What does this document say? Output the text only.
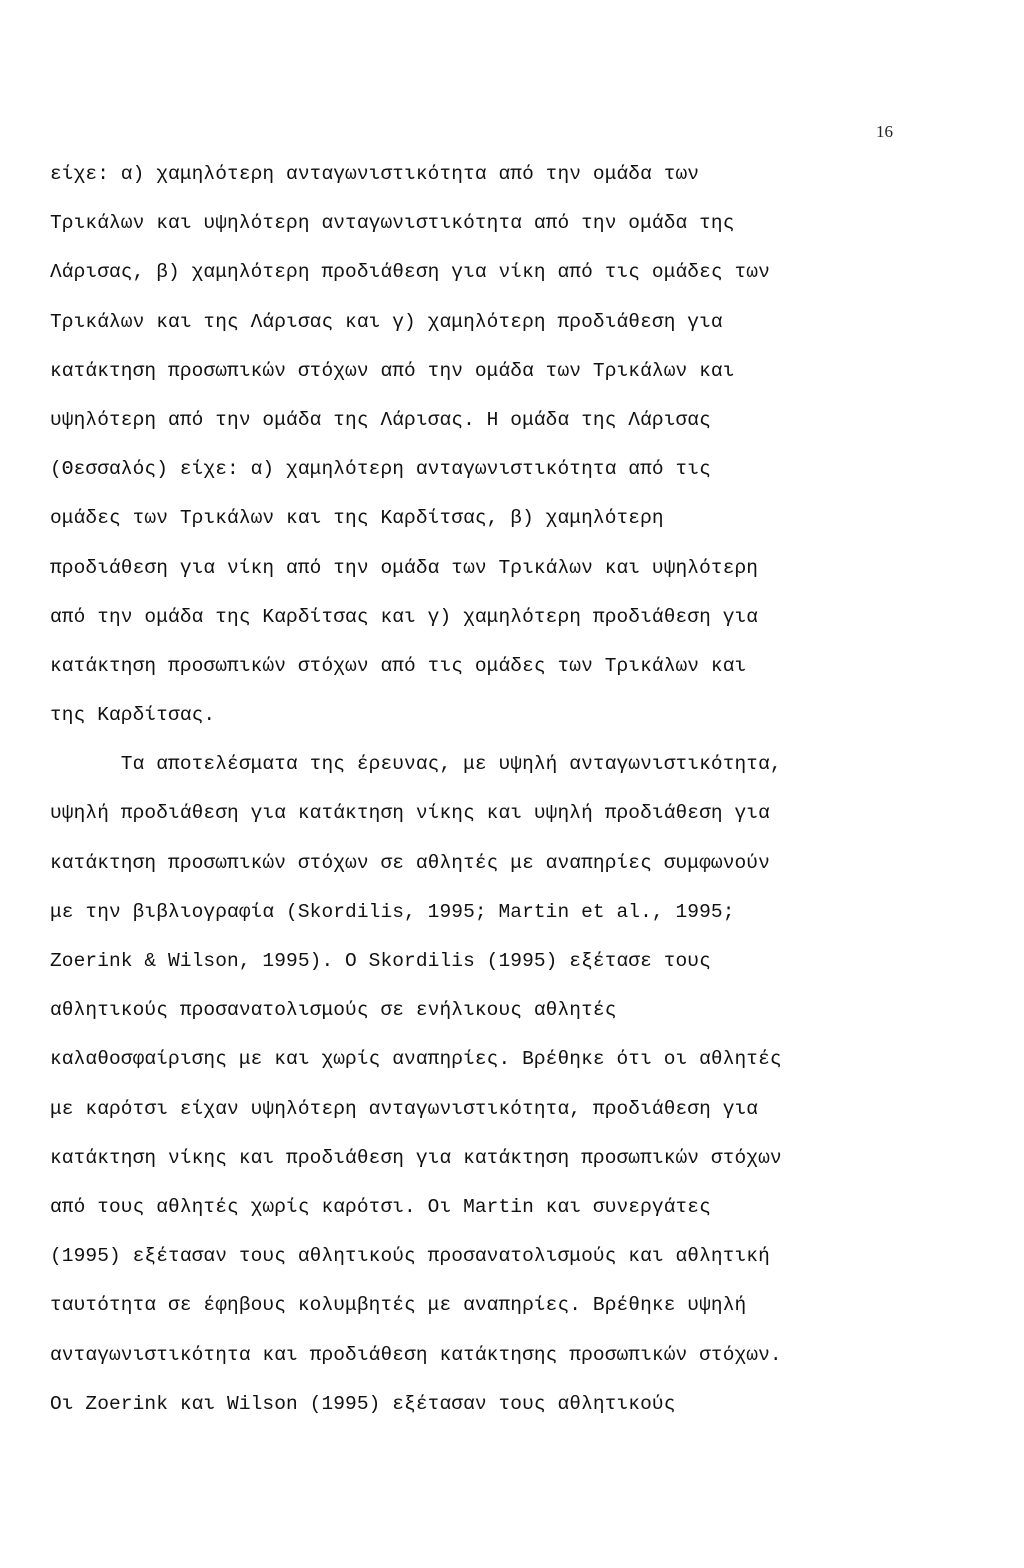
16
είχε: α) χαμηλότερη ανταγωνιστικότητα από την ομάδα των
Τρικάλων και υψηλότερη ανταγωνιστικότητα από την ομάδα της
Λάρισας, β) χαμηλότερη προδιάθεση για νίκη από τις ομάδες των
Τρικάλων και της Λάρισας και γ) χαμηλότερη προδιάθεση για
κατάκτηση προσωπικών στόχων από την ομάδα των Τρικάλων και
υψηλότερη από την ομάδα της Λάρισας. Η ομάδα της Λάρισας
(Θεσσαλός) είχε: α) χαμηλότερη ανταγωνιστικότητα από τις
ομάδες των Τρικάλων και της Καρδίτσας, β) χαμηλότερη
προδιάθεση για νίκη από την ομάδα των Τρικάλων και υψηλότερη
από την ομάδα της Καρδίτσας και γ) χαμηλότερη προδιάθεση για
κατάκτηση προσωπικών στόχων από τις ομάδες των Τρικάλων και
της Καρδίτσας.
Τα αποτελέσματα της έρευνας, με υψηλή ανταγωνιστικότητα,
υψηλή προδιάθεση για κατάκτηση νίκης και υψηλή προδιάθεση για
κατάκτηση προσωπικών στόχων σε αθλητές με αναπηρίες συμφωνούν
με την βιβλιογραφία (Skordilis, 1995; Martin et al., 1995;
Zoerink & Wilson, 1995). O Skordilis (1995) εξέτασε τους
αθλητικούς προσανατολισμούς σε ενήλικους αθλητές
καλαθοσφαίρισης με και χωρίς αναπηρίες. Βρέθηκε ότι οι αθλητές
με καρότσι είχαν υψηλότερη ανταγωνιστικότητα, προδιάθεση για
κατάκτηση νίκης και προδιάθεση για κατάκτηση προσωπικών στόχων
από τους αθλητές χωρίς καρότσι. Οι Martin και συνεργάτες
(1995) εξέτασαν τους αθλητικούς προσανατολισμούς και αθλητική
ταυτότητα σε έφηβους κολυμβητές με αναπηρίες. Βρέθηκε υψηλή
ανταγωνιστικότητα και προδιάθεση κατάκτησης προσωπικών στόχων.
Οι Zoerink και Wilson (1995) εξέτασαν τους αθλητικούς
